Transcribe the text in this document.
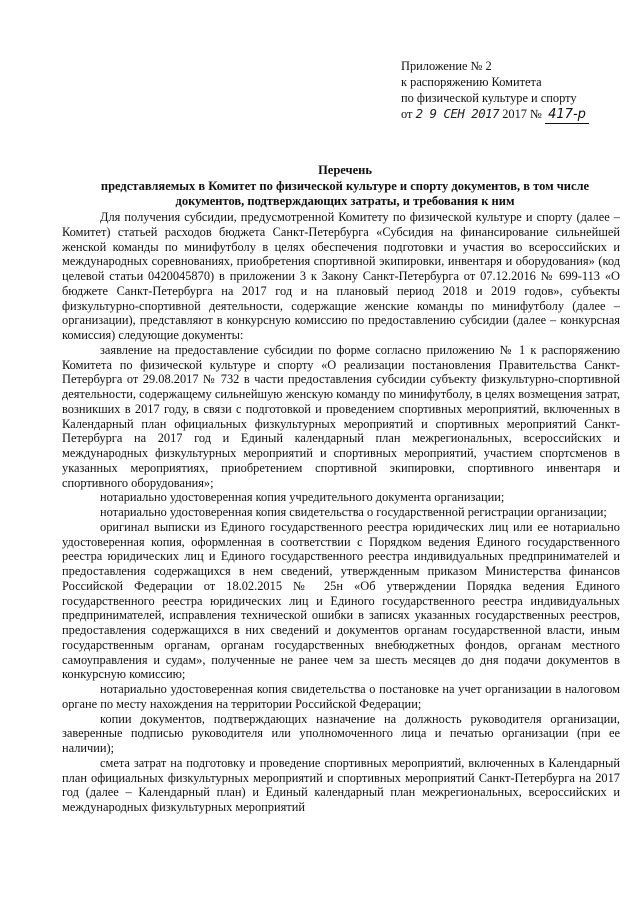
Приложение № 2
к распоряжению Комитета
по физической культуре и спорту
от 2 9 СЕН 2017 2017 № 417-р
Перечень
представляемых в Комитет по физической культуре и спорту документов, в том числе
документов, подтверждающих затраты, и требования к ним

Для получения субсидии, предусмотренной Комитету по физической культуре и спорту (далее – Комитет) статьей расходов бюджета Санкт-Петербурга «Субсидия на финансирование сильнейшей женской команды по минифутболу в целях обеспечения подготовки и участия во всероссийских и международных соревнованиях, приобретения спортивной экипировки, инвентаря и оборудования» (код целевой статьи 0420045870) в приложении 3 к Закону Санкт-Петербурга от 07.12.2016 № 699-113 «О бюджете Санкт-Петербурга на 2017 год и на плановый период 2018 и 2019 годов», субъекты физкультурно-спортивной деятельности, содержащие женские команды по минифутболу (далее – организации), представляют в конкурсную комиссию по предоставлению субсидии (далее – конкурсная комиссия) следующие документы:

заявление на предоставление субсидии по форме согласно приложению № 1 к распоряжению Комитета по физической культуре и спорту «О реализации постановления Правительства Санкт-Петербурга от 29.08.2017 № 732 в части предоставления субсидии субъекту физкультурно-спортивной деятельности, содержащему сильнейшую женскую команду по минифутболу, в целях возмещения затрат, возникших в 2017 году, в связи с подготовкой и проведением спортивных мероприятий, включенных в Календарный план официальных физкультурных мероприятий и спортивных мероприятий Санкт-Петербурга на 2017 год и Единый календарный план межрегиональных, всероссийских и международных физкультурных мероприятий и спортивных мероприятий, участием спортсменов в указанных мероприятиях, приобретением спортивной экипировки, спортивного инвентаря и спортивного оборудования»;

нотариально удостоверенная копия учредительного документа организации;

нотариально удостоверенная копия свидетельства о государственной регистрации организации;

оригинал выписки из Единого государственного реестра юридических лиц или ее нотариально удостоверенная копия, оформленная в соответствии с Порядком ведения Единого государственного реестра юридических лиц и Единого государственного реестра индивидуальных предпринимателей и предоставления содержащихся в нем сведений, утвержденным приказом Министерства финансов Российской Федерации от 18.02.2015 № 25н «Об утверждении Порядка ведения Единого государственного реестра юридических лиц и Единого государственного реестра индивидуальных предпринимателей, исправления технической ошибки в записях указанных государственных реестров, предоставления содержащихся в них сведений и документов органам государственной власти, иным государственным органам, органам государственных внебюджетных фондов, органам местного самоуправления и судам», полученные не ранее чем за шесть месяцев до дня подачи документов в конкурсную комиссию;

нотариально удостоверенная копия свидетельства о постановке на учет организации в налоговом органе по месту нахождения на территории Российской Федерации;

копии документов, подтверждающих назначение на должность руководителя организации, заверенные подписью руководителя или уполномоченного лица и печатью организации (при ее наличии);

смета затрат на подготовку и проведение спортивных мероприятий, включенных в Календарный план официальных физкультурных мероприятий и спортивных мероприятий Санкт-Петербурга на 2017 год (далее – Календарный план) и Единый календарный план межрегиональных, всероссийских и международных физкультурных мероприятий
